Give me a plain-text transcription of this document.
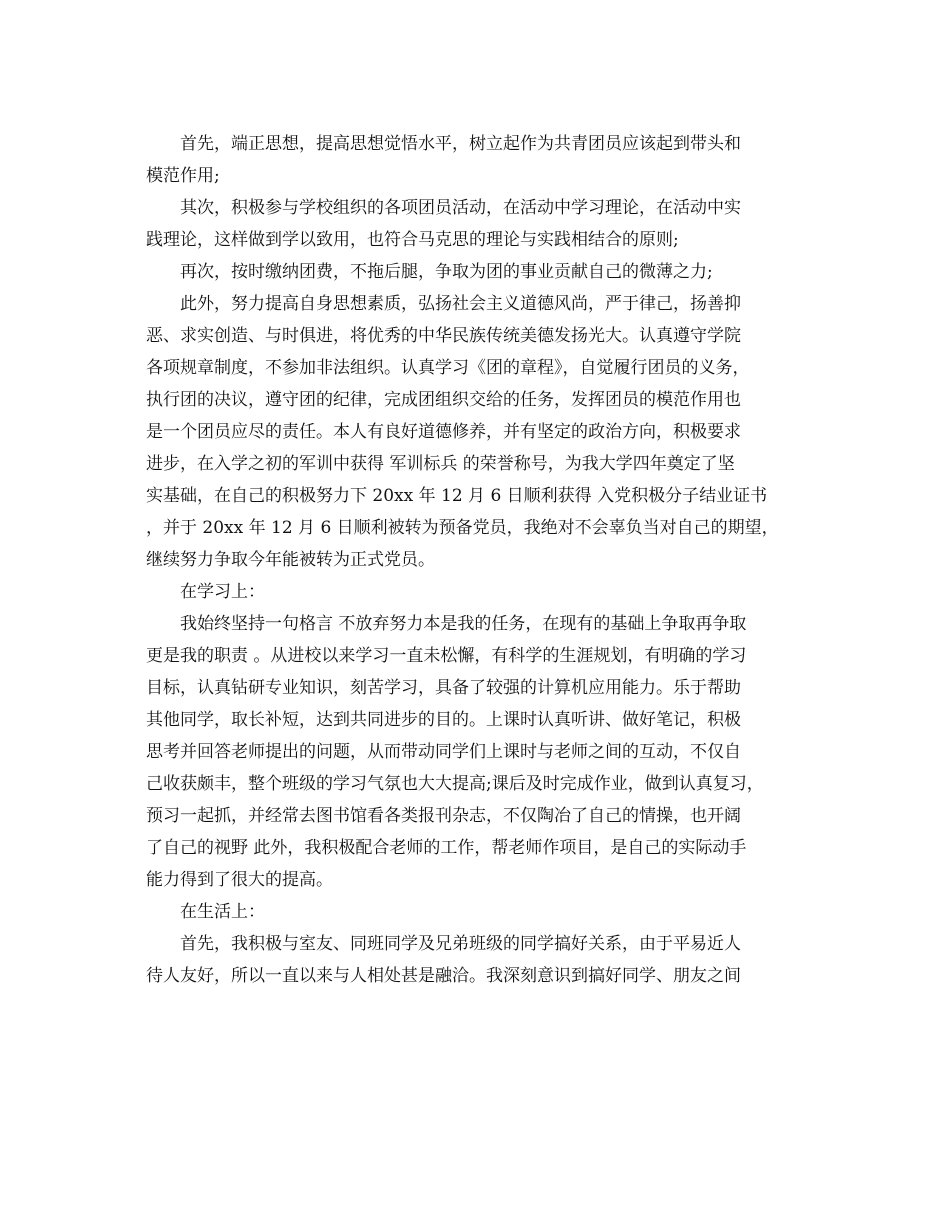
首先，端正思想，提高思想觉悟水平，树立起作为共青团员应该起到带头和
模范作用;
其次，积极参与学校组织的各项团员活动，在活动中学习理论，在活动中实
践理论，这样做到学以致用，也符合马克思的理论与实践相结合的原则;
再次，按时缴纳团费，不拖后腿，争取为团的事业贡献自己的微薄之力;
此外，努力提高自身思想素质，弘扬社会主义道德风尚，严于律己，扬善抑
恶、求实创造、与时俱进，将优秀的中华民族传统美德发扬光大。认真遵守学院
各项规章制度，不参加非法组织。认真学习《团的章程》，自觉履行团员的义务，
执行团的决议，遵守团的纪律，完成团组织交给的任务，发挥团员的模范作用也
是一个团员应尽的责任。本人有良好道德修养，并有坚定的政治方向，积极要求
进步，在入学之初的军训中获得 军训标兵 的荣誉称号，为我大学四年奠定了坚
实基础，在自己的积极努力下 20xx 年 12 月 6 日顺利获得 入党积极分子结业证书
，并于 20xx 年 12 月 6 日顺利被转为预备党员，我绝对不会辜负当对自己的期望，
继续努力争取今年能被转为正式党员。
在学习上：
我始终坚持一句格言 不放弃努力本是我的任务，在现有的基础上争取再争取
更是我的职责 。从进校以来学习一直未松懈，有科学的生涯规划，有明确的学习
目标，认真钻研专业知识，刻苦学习，具备了较强的计算机应用能力。乐于帮助
其他同学，取长补短，达到共同进步的目的。上课时认真听讲、做好笔记，积极
思考并回答老师提出的问题，从而带动同学们上课时与老师之间的互动，不仅自
己收获颇丰，整个班级的学习气氛也大大提高;课后及时完成作业，做到认真复习，
预习一起抓，并经常去图书馆看各类报刊杂志，不仅陶冶了自己的情操，也开阔
了自己的视野 此外，我积极配合老师的工作，帮老师作项目，是自己的实际动手
能力得到了很大的提高。
在生活上：
首先，我积极与室友、同班同学及兄弟班级的同学搞好关系，由于平易近人
待人友好，所以一直以来与人相处甚是融洽。我深刻意识到搞好同学、朋友之间
